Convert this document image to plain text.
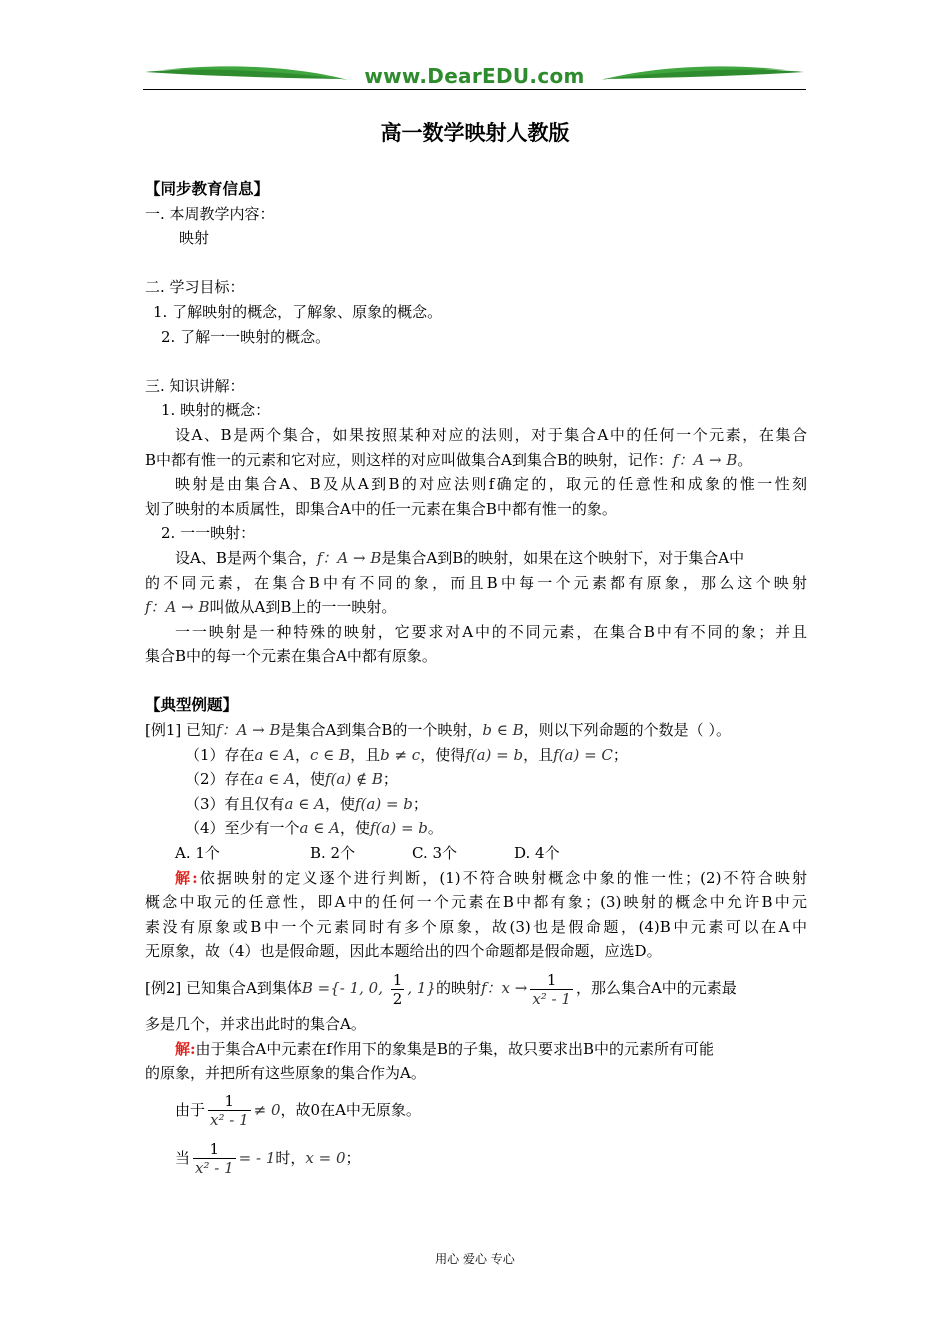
www.DearEDU.com
高一数学映射人教版
【同步教育信息】
一. 本周教学内容：
映射
二. 学习目标：
1. 了解映射的概念，了解象、原象的概念。
2. 了解一一映射的概念。
三. 知识讲解：
1. 映射的概念：
设A、B是两个集合，如果按照某种对应的法则，对于集合A中的任何一个元素，在集合
B中都有惟一的元素和它对应，则这样的对应叫做集合A到集合B的映射，记作：f：A → B。
映射是由集合A、B及从A到B的对应法则f确定的，取元的任意性和成象的惟一性刻
划了映射的本质属性，即集合A中的任一元素在集合B中都有惟一的象。
2. 一一映射：
设A、B是两个集合，f：A → B是集合A到B的映射，如果在这个映射下，对于集合A中
的不同元素，在集合B中有不同的象，而且B中每一个元素都有原象，那么这个映射
f：A → B叫做从A到B上的一一映射。
一一映射是一种特殊的映射，它要求对A中的不同元素，在集合B中有不同的象；并且
集合B中的每一个元素在集合A中都有原象。
【典型例题】
[例1] 已知f：A → B是集合A到集合B的一个映射，b ∈ B，则以下列命题的个数是（ ）。
（1）存在a ∈ A，c ∈ B，且b ≠ c，使得f(a) = b，且f(a) = C；
（2）存在a ∈ A，使f(a) ∉ B；
（3）有且仅有a ∈ A，使f(a) = b；
（4）至少有一个a ∈ A，使f(a) = b。
A. 1个	B. 2个	C. 3个	D. 4个
解:依据映射的定义逐个进行判断，(1)不符合映射概念中象的惟一性；(2)不符合映射
概念中取元的任意性，即A中的任何一个元素在B中都有象；(3)映射的概念中允许B中元
素没有原象或B中一个元素同时有多个原象，故(3)也是假命题，(4)B中元素可以在A中
无原象，故（4）也是假命题，因此本题给出的四个命题都是假命题，应选D。
[例2] 已知集合A到集体B ={- 1, 0, $\frac{1}{2}$ , 1}的映射f：$x \to \frac{1}{\text{x² - 1}}$ ，那么集合A中的元素最
多是几个，并求出此时的集合A。
解:由于集合A中元素在f作用下的象集是B的子集，故只要求出B中的元素所有可能
的原象，并把所有这些原象的集合作为A。
由于 $\frac{1}{\text{x² - 1}} \ne 0$，故0在A中无原象。
当 $\frac{1}{\text{x² - 1}}$ = - 1时，x = 0；
用心 爱心 专心
